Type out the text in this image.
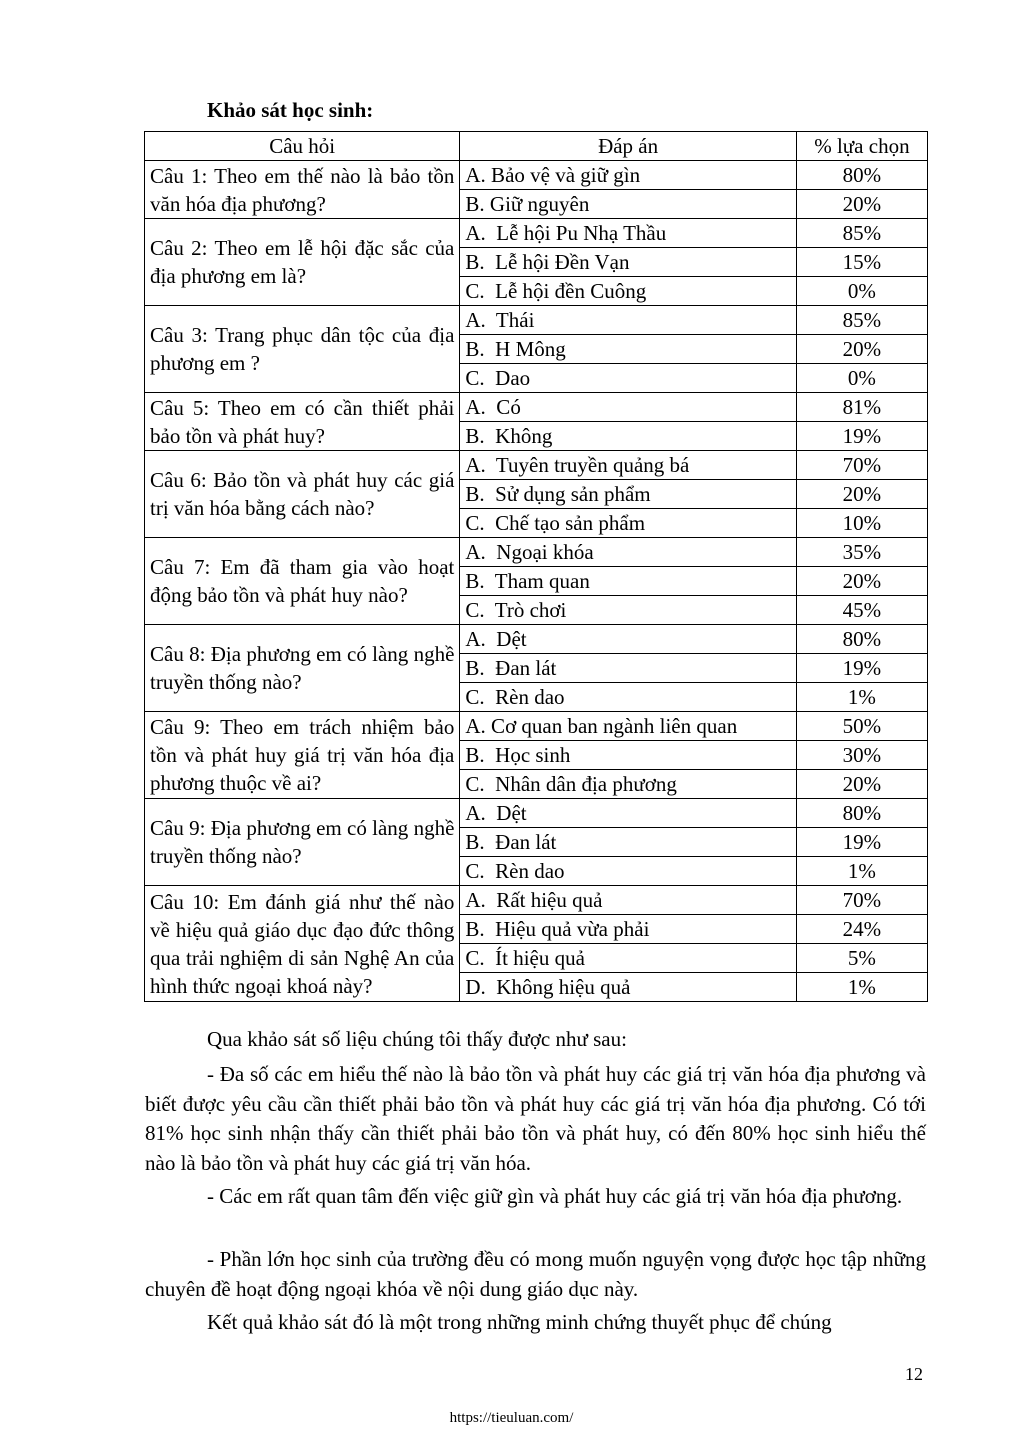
Khảo sát học sinh:
Câu hỏi	Đáp án	% lựa chọn
Câu 1: Theo em thế nào là bảo tồn văn hóa địa phương?	A. Bảo vệ và giữ gìn	80%
	B. Giữ nguyên	20%
Câu 2: Theo em lễ hội đặc sắc của địa phương em là?	A.  Lễ hội Pu Nhạ Thầu	85%
	B.  Lễ hội Đền Vạn	15%
	C.  Lễ hội đền Cuông	0%
Câu 3: Trang phục dân tộc của địa phương em ?	A.  Thái	85%
	B.  H Mông	20%
	C.  Dao	0%
Câu 5: Theo em có cần thiết phải bảo tồn và phát huy?	A.  Có	81%
	B.  Không	19%
Câu 6: Bảo tồn và phát huy các giá trị văn hóa bằng cách nào?	A.  Tuyên truyền quảng bá	70%
	B.  Sử dụng sản phẩm	20%
	C.  Chế tạo sản phẩm	10%
Câu 7: Em đã tham gia vào hoạt động bảo tồn và phát huy nào?	A.  Ngoại khóa	35%
	B.  Tham quan	20%
	C.  Trò chơi	45%
Câu 8: Địa phương em có làng nghề truyền thống nào?	A.  Dệt	80%
	B.  Đan lát	19%
	C.  Rèn dao	1%
Câu 9: Theo em trách nhiệm bảo tồn và phát huy giá trị văn hóa địa phương thuộc về ai?	A. Cơ quan ban ngành liên quan	50%
	B.  Học sinh	30%
	C.  Nhân dân địa phương	20%
Câu 9: Địa phương em có làng nghề truyền thống nào?	A.  Dệt	80%
	B.  Đan lát	19%
	C.  Rèn dao	1%
Câu 10: Em đánh giá như thế nào về hiệu quả giáo dục đạo đức thông qua trải nghiệm di sản Nghệ An của hình thức ngoại khoá này?	A.  Rất hiệu quả	70%
	B.  Hiệu quả vừa phải	24%
	C.  Ít hiệu quả	5%
	D.  Không hiệu quả	1%

Qua khảo sát số liệu chúng tôi thấy được như sau:

- Đa số các em hiểu thế nào là bảo tồn và phát huy các giá trị văn hóa địa phương và biết được yêu cầu cần thiết phải bảo tồn và phát huy các giá trị văn hóa địa phương. Có tới 81% học sinh nhận thấy cần thiết phải bảo tồn và phát huy, có đến 80% học sinh hiểu thế nào là bảo tồn và phát huy các giá trị văn hóa.

- Các em rất quan tâm đến việc giữ gìn và phát huy các giá trị văn hóa địa phương.

- Phần lớn học sinh của trường đều có mong muốn nguyện vọng được học tập những chuyên đề hoạt động ngoại khóa về nội dung giáo dục này.

Kết quả khảo sát đó là một trong những minh chứng thuyết phục để chúng

12
https://tieuluan.com/
